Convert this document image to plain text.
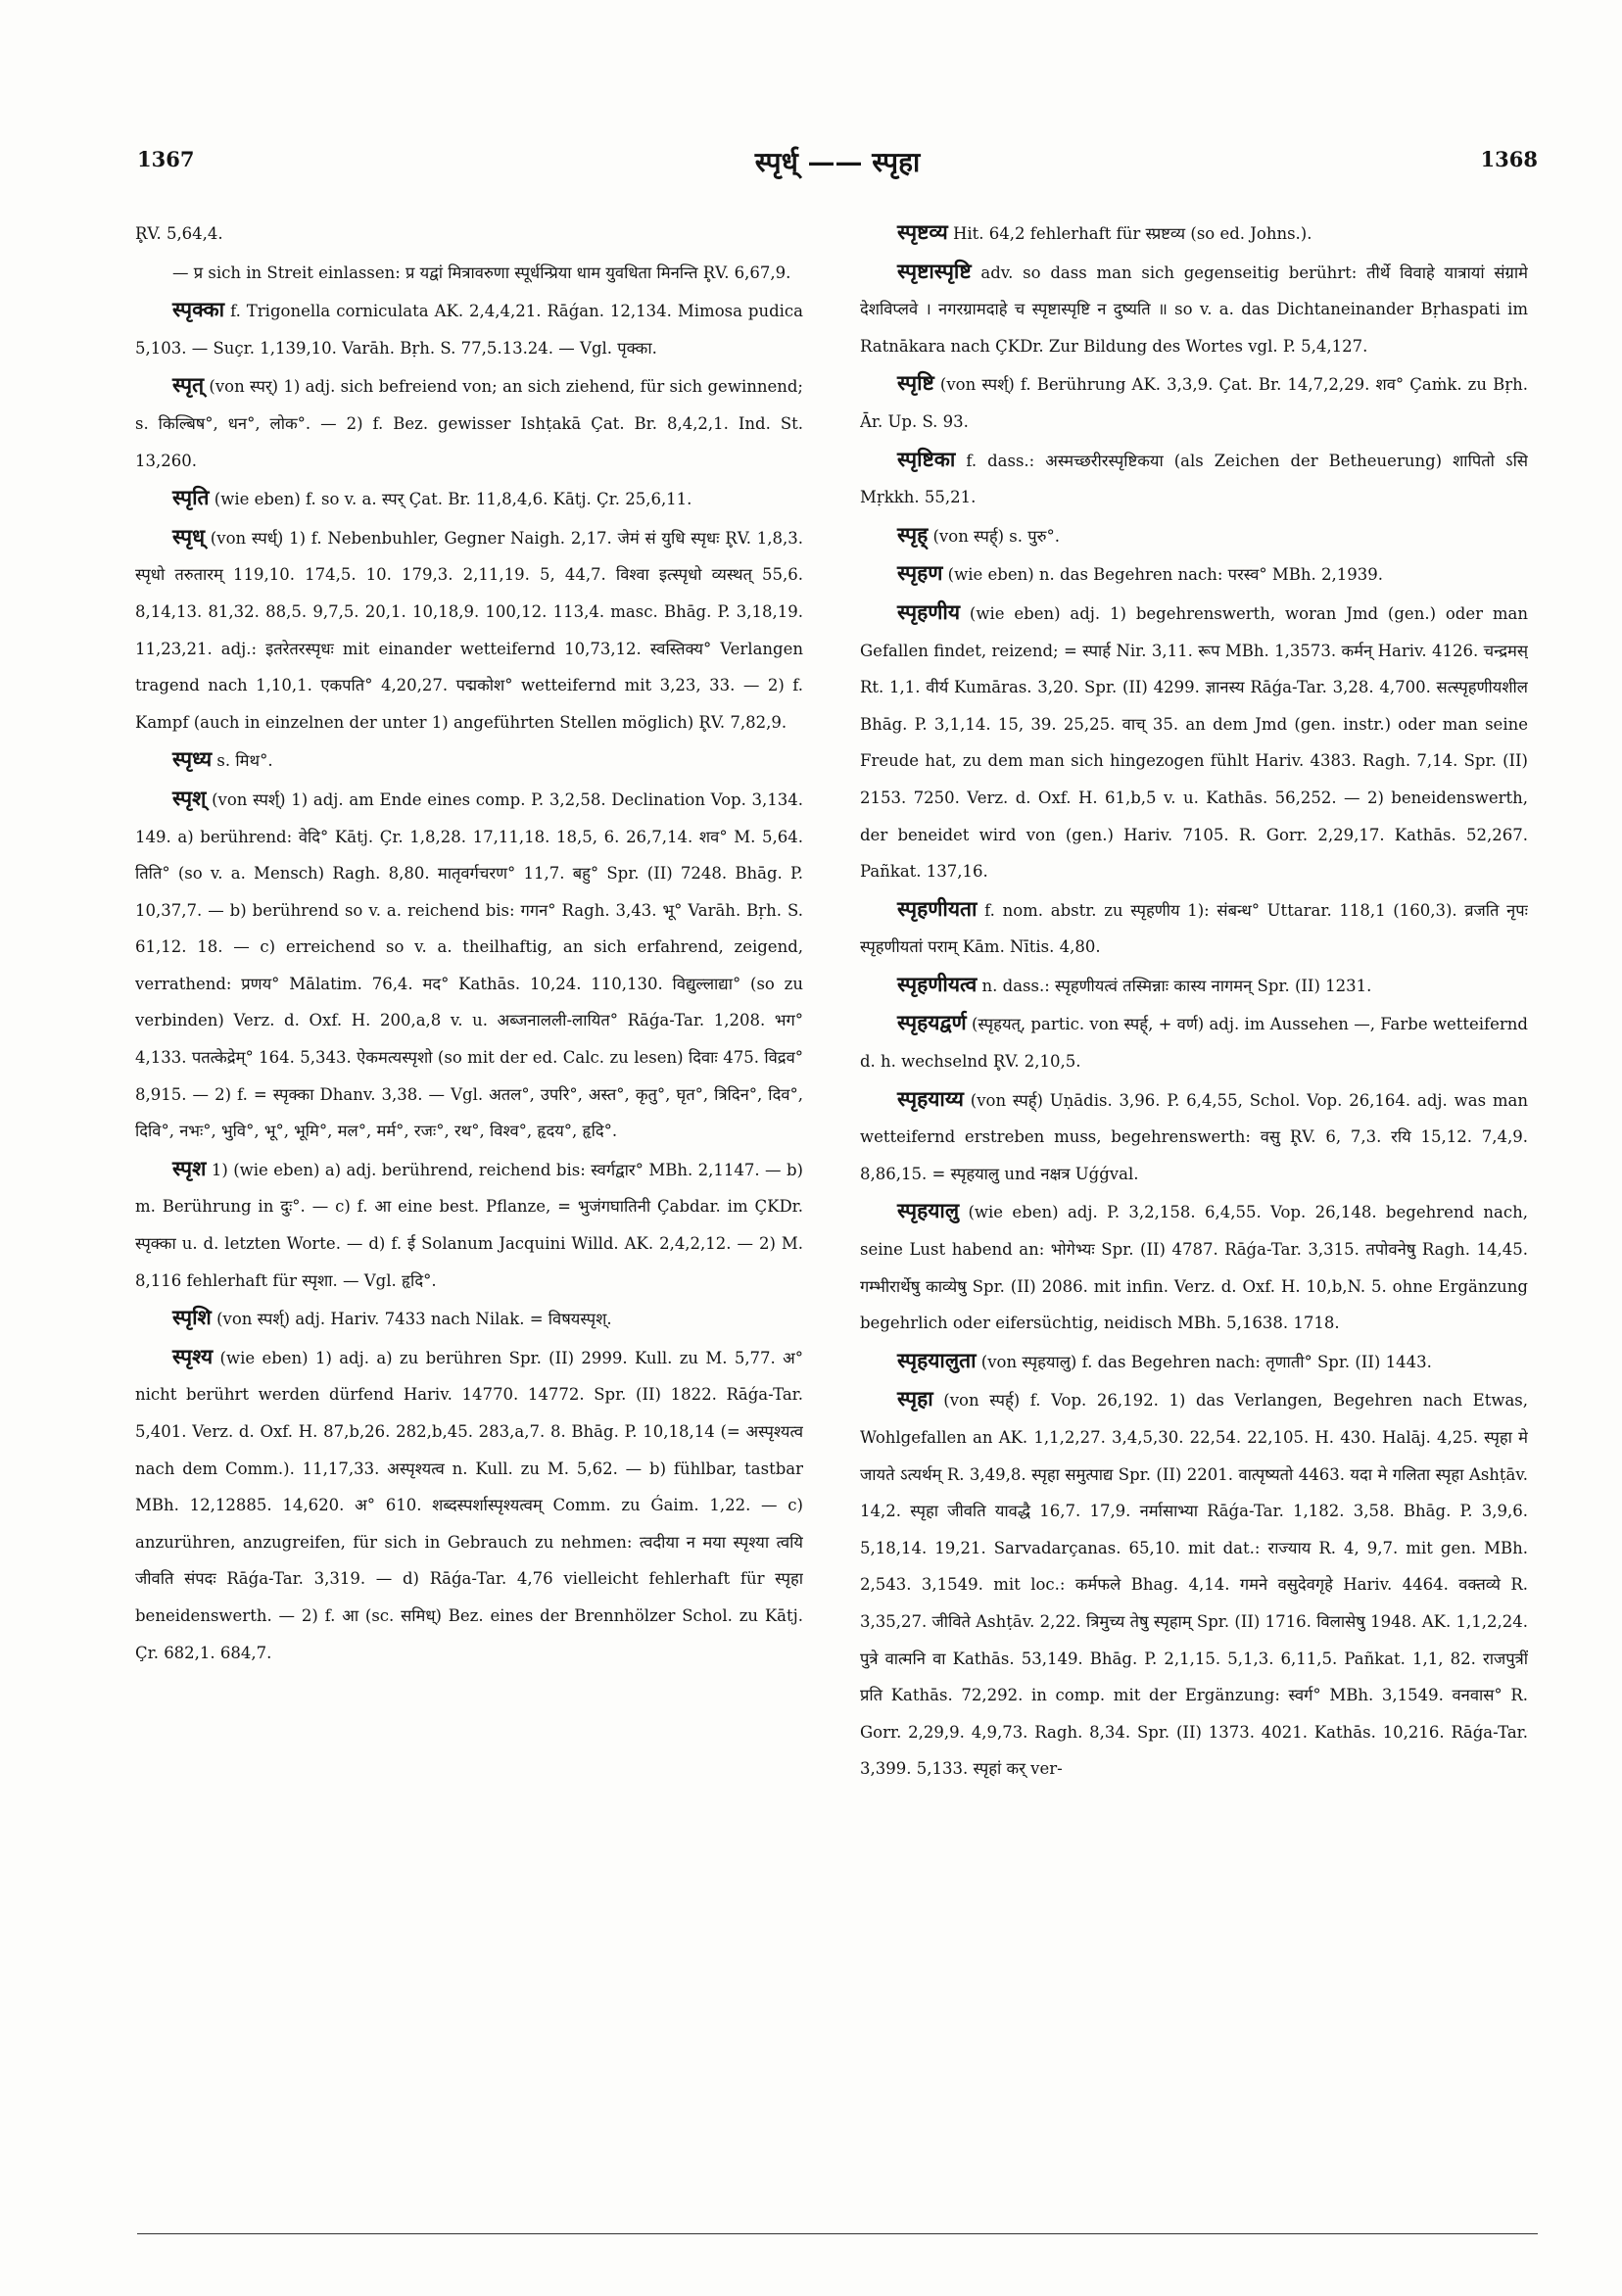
1367	स्पृर्ध् —— स्पृहा	1368

R̥V. 5,64,4.

— प्र sich in Streit einlassen: प्र यद्वां मित्रावरुणा स्पूर्धन्प्रिया धाम युवधिता मिनन्ति R̥V. 6,67,9.

स्पृक्का f. Trigonella corniculata AK. 2,4,4,21. Rāǵan. 12,134. Mimosa pudica 5,103. — Suçr. 1,139,10. Varāh. Bṛh. S. 77,5.13.24. — Vgl. पृक्का.

स्पृत् (von स्पर्) 1) adj. sich befreiend von; an sich ziehend, für sich gewinnend; s. किल्बिष°, धन°, लोक°. — 2) f. Bez. gewisser Ishṭakā Çat. Br. 8,4,2,1. Ind. St. 13,260.

स्पृति (wie eben) f. so v. a. स्पर् Çat. Br. 11,8,4,6. Kātj. Çr. 25,6,11.

स्पृध् (von स्पर्ध्) 1) f. Nebenbuhler, Gegner Naigh. 2,17. जेमं सं युधि स्पृधः R̥V. 1,8,3. स्पृधो तरुतारम् 119,10. 174,5. 10. 179,3. 2,11,19. 5, 44,7. विश्वा इत्स्पृधो व्यस्थत् 55,6. 8,14,13. 81,32. 88,5. 9,7,5. 20,1. 10,18,9. 100,12. 113,4. masc. Bhāg. P. 3,18,19. 11,23,21. adj.: इतरेतरस्पृधः mit einander wetteifernd 10,73,12. स्वस्तिक्य° Verlangen tragend nach 1,10,1. एकपति° 4,20,27. पद्मकोश° wetteifernd mit 3,23, 33. — 2) f. Kampf (auch in einzelnen der unter 1) angeführten Stellen möglich) R̥V. 7,82,9.

स्पृध्य s. मिथ°.

स्पृश् (von स्पर्श्) 1) adj. am Ende eines comp. P. 3,2,58. Declination Vop. 3,134. 149. a) berührend: वेदि° Kātj. Çr. 1,8,28. 17,11,18. 18,5, 6. 26,7,14. शव° M. 5,64. तिति° (so v. a. Mensch) Ragh. 8,80. मातृवर्गचरण° 11,7. बहु° Spr. (II) 7248. Bhāg. P. 10,37,7. — b) berührend so v. a. reichend bis: गगन° Ragh. 3,43. भू° Varāh. Bṛh. S. 61,12. 18. — c) erreichend so v. a. theilhaftig, an sich erfahrend, zeigend, verrathend: प्रणय° Mālatim. 76,4. मद° Kathās. 10,24. 110,130. विद्युल्लाद्या° (so zu verbinden) Verz. d. Oxf. H. 200,a,8 v. u. अब्जनालली-लायित° Rāǵa-Tar. 1,208. भग° 4,133. पतत्केद्रेम्° 164. 5,343. ऐकमत्यस्पृशो (so mit der ed. Calc. zu lesen) दिवाः 475. विद्रव° 8,915. — 2) f. = स्पृक्का Dhanv. 3,38. — Vgl. अतल°, उपरि°, अस्त°, कृतु°, घृत°, त्रिदिन°, दिव°, दिवि°, नभः°, भुवि°, भू°, भूमि°, मल°, मर्म°, रजः°, रथ°, विश्व°, हृदय°, हृदि°.

स्पृश 1) (wie eben) a) adj. berührend, reichend bis: स्वर्गद्वार° MBh. 2,1147. — b) m. Berührung in दुः°. — c) f. आ eine best. Pflanze, = भुजंगघातिनी Çabdar. im ÇKDr. स्पृक्का u. d. letzten Worte. — d) f. ई Solanum Jacquini Willd. AK. 2,4,2,12. — 2) M. 8,116 fehlerhaft für स्पृशा. — Vgl. हृदि°.

स्पृशि (von स्पर्श्) adj. Hariv. 7433 nach Nilak. = विषयस्पृश्.

स्पृश्य (wie eben) 1) adj. a) zu berühren Spr. (II) 2999. Kull. zu M. 5,77. अ° nicht berührt werden dürfend Hariv. 14770. 14772. Spr. (II) 1822. Rāǵa-Tar. 5,401. Verz. d. Oxf. H. 87,b,26. 282,b,45. 283,a,7. 8. Bhāg. P. 10,18,14 (= अस्पृश्यत्व nach dem Comm.). 11,17,33. अस्पृश्यत्व n. Kull. zu M. 5,62. — b) fühlbar, tastbar MBh. 12,12885. 14,620. अ° 610. शब्दस्पर्शास्पृश्यत्वम् Comm. zu Ǵaim. 1,22. — c) anzurühren, anzugreifen, für sich in Gebrauch zu nehmen: त्वदीया न मया स्पृश्या त्वयि जीवति संपदः Rāǵa-Tar. 3,319. — d) Rāǵa-Tar. 4,76 vielleicht fehlerhaft für स्पृहा beneidenswerth. — 2) f. आ (sc. समिध्) Bez. eines der Brennhölzer Schol. zu Kātj. Çr. 682,1. 684,7.

स्पृष्टव्य Hit. 64,2 fehlerhaft für स्प्रष्टव्य (so ed. Johns.).

स्पृष्टास्पृष्टि adv. so dass man sich gegenseitig berührt: तीर्थे विवाहे यात्रायां संग्रामे देशविप्लवे । नगरग्रामदाहे च स्पृष्टास्पृष्टि न दुष्यति ॥ so v. a. das Dichtaneinander Bṛhaspati im Ratnākara nach ÇKDr. Zur Bildung des Wortes vgl. P. 5,4,127.

स्पृष्टि (von स्पर्श्) f. Berührung AK. 3,3,9. Çat. Br. 14,7,2,29. शव° Çaṁk. zu Bṛh. Ār. Up. S. 93.

स्पृष्टिका f. dass.: अस्मच्छरीरस्पृष्टिकया (als Zeichen der Betheuerung) शापितो ऽसि Mṛkkh. 55,21.

स्पृह् (von स्पर्ह्) s. पुरु°.

स्पृहण (wie eben) n. das Begehren nach: परस्व° MBh. 2,1939.

स्पृहणीय (wie eben) adj. 1) begehrenswerth, woran Jmd (gen.) oder man Gefallen findet, reizend; = स्पार्ह Nir. 3,11. रूप MBh. 1,3573. कर्मन् Hariv. 4126. चन्द्रमस् Rt. 1,1. वीर्य Kumāras. 3,20. Spr. (II) 4299. ज्ञानस्य Rāǵa-Tar. 3,28. 4,700. सत्स्पृहणीयशील Bhāg. P. 3,1,14. 15, 39. 25,25. वाच् 35. an dem Jmd (gen. instr.) oder man seine Freude hat, zu dem man sich hingezogen fühlt Hariv. 4383. Ragh. 7,14. Spr. (II) 2153. 7250. Verz. d. Oxf. H. 61,b,5 v. u. Kathās. 56,252. — 2) beneidenswerth, der beneidet wird von (gen.) Hariv. 7105. R. Gorr. 2,29,17. Kathās. 52,267. Pañkat. 137,16.

स्पृहणीयता f. nom. abstr. zu स्पृहणीय 1): संबन्ध° Uttarar. 118,1 (160,3). व्रजति नृपः स्पृहणीयतां पराम् Kām. Nītis. 4,80.

स्पृहणीयत्व n. dass.: स्पृहणीयत्वं तस्मिन्नाः कास्य नागमन् Spr. (II) 1231.

स्पृहयद्वर्ण (स्पृहयत्, partic. von स्पर्ह्, + वर्ण) adj. im Aussehen —, Farbe wetteifernd d. h. wechselnd R̥V. 2,10,5.

स्पृहयाय्य (von स्पर्ह्) Uṇādis. 3,96. P. 6,4,55, Schol. Vop. 26,164. adj. was man wetteifernd erstreben muss, begehrenswerth: वसु R̥V. 6, 7,3. रयि 15,12. 7,4,9. 8,86,15. = स्पृहयालु und नक्षत्र Uǵǵval.

स्पृहयालु (wie eben) adj. P. 3,2,158. 6,4,55. Vop. 26,148. begehrend nach, seine Lust habend an: भोगेभ्यः Spr. (II) 4787. Rāǵa-Tar. 3,315. तपोवनेषु Ragh. 14,45. गम्भीरार्थेषु काव्येषु Spr. (II) 2086. mit infin. Verz. d. Oxf. H. 10,b,N. 5. ohne Ergänzung begehrlich oder eifersüchtig, neidisch MBh. 5,1638. 1718.

स्पृहयालुता (von स्पृहयालु) f. das Begehren nach: तृणाती° Spr. (II) 1443.

स्पृहा (von स्पर्ह्) f. Vop. 26,192. 1) das Verlangen, Begehren nach Etwas, Wohlgefallen an AK. 1,1,2,27. 3,4,5,30. 22,54. 22,105. H. 430. Halāj. 4,25. स्पृहा मे जायते ऽत्यर्थम् R. 3,49,8. स्पृहा समुत्पाद्य Spr. (II) 2201. वात्पृष्यतो 4463. यदा मे गलिता स्पृहा Ashṭāv. 14,2. स्पृहा जीवति यावद्धै 16,7. 17,9. नर्मासाभ्या Rāǵa-Tar. 1,182. 3,58. Bhāg. P. 3,9,6. 5,18,14. 19,21. Sarvadarçanas. 65,10. mit dat.: राज्याय R. 4, 9,7. mit gen. MBh. 2,543. 3,1549. mit loc.: कर्मफले Bhag. 4,14. गमने वसुदेवगृहे Hariv. 4464. वक्तव्ये R. 3,35,27. जीविते Ashṭāv. 2,22. त्रिमुच्य तेषु स्पृहाम् Spr. (II) 1716. विलासेषु 1948. AK. 1,1,2,24. पुत्रे वात्मनि वा Kathās. 53,149. Bhāg. P. 2,1,15. 5,1,3. 6,11,5. Pañkat. 1,1, 82. राजपुत्रीं प्रति Kathās. 72,292. in comp. mit der Ergänzung: स्वर्ग° MBh. 3,1549. वनवास° R. Gorr. 2,29,9. 4,9,73. Ragh. 8,34. Spr. (II) 1373. 4021. Kathās. 10,216. Rāǵa-Tar. 3,399. 5,133. स्पृहां कर् ver-
